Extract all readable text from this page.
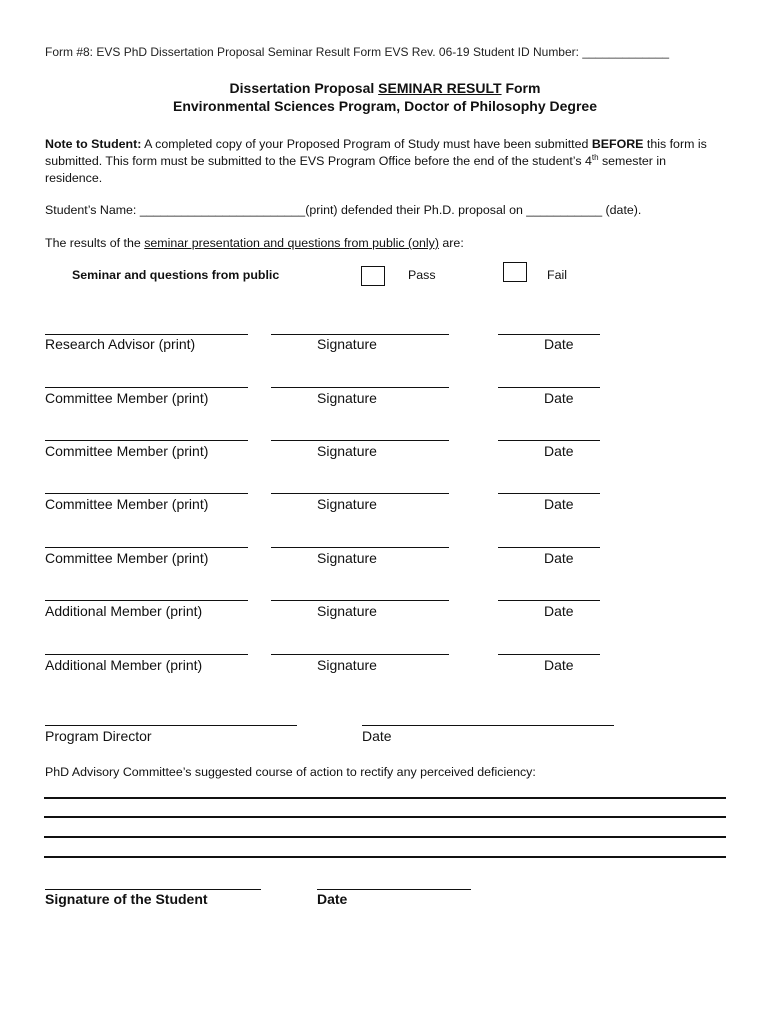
Form #8: EVS PhD Dissertation Proposal Seminar Result Form EVS Rev. 06-19 Student ID Number: _____________
Dissertation Proposal SEMINAR RESULT Form
Environmental Sciences Program, Doctor of Philosophy Degree
Note to Student: A completed copy of your Proposed Program of Study must have been submitted BEFORE this form is submitted. This form must be submitted to the EVS Program Office before the end of the student’s 4th semester in residence.
Student’s Name: ________________________(print) defended their Ph.D. proposal on ___________ (date).
The results of the seminar presentation and questions from public (only) are:
Seminar and questions from public	Pass	Fail
Research Advisor (print)	Signature	Date
Committee Member (print)	Signature	Date
Committee Member (print)	Signature	Date
Committee Member (print)	Signature	Date
Committee Member (print)	Signature	Date
Additional Member (print)	Signature	Date
Additional Member (print)	Signature	Date
Program Director	Date
PhD Advisory Committee’s suggested course of action to rectify any perceived deficiency:
Signature of the Student	Date
